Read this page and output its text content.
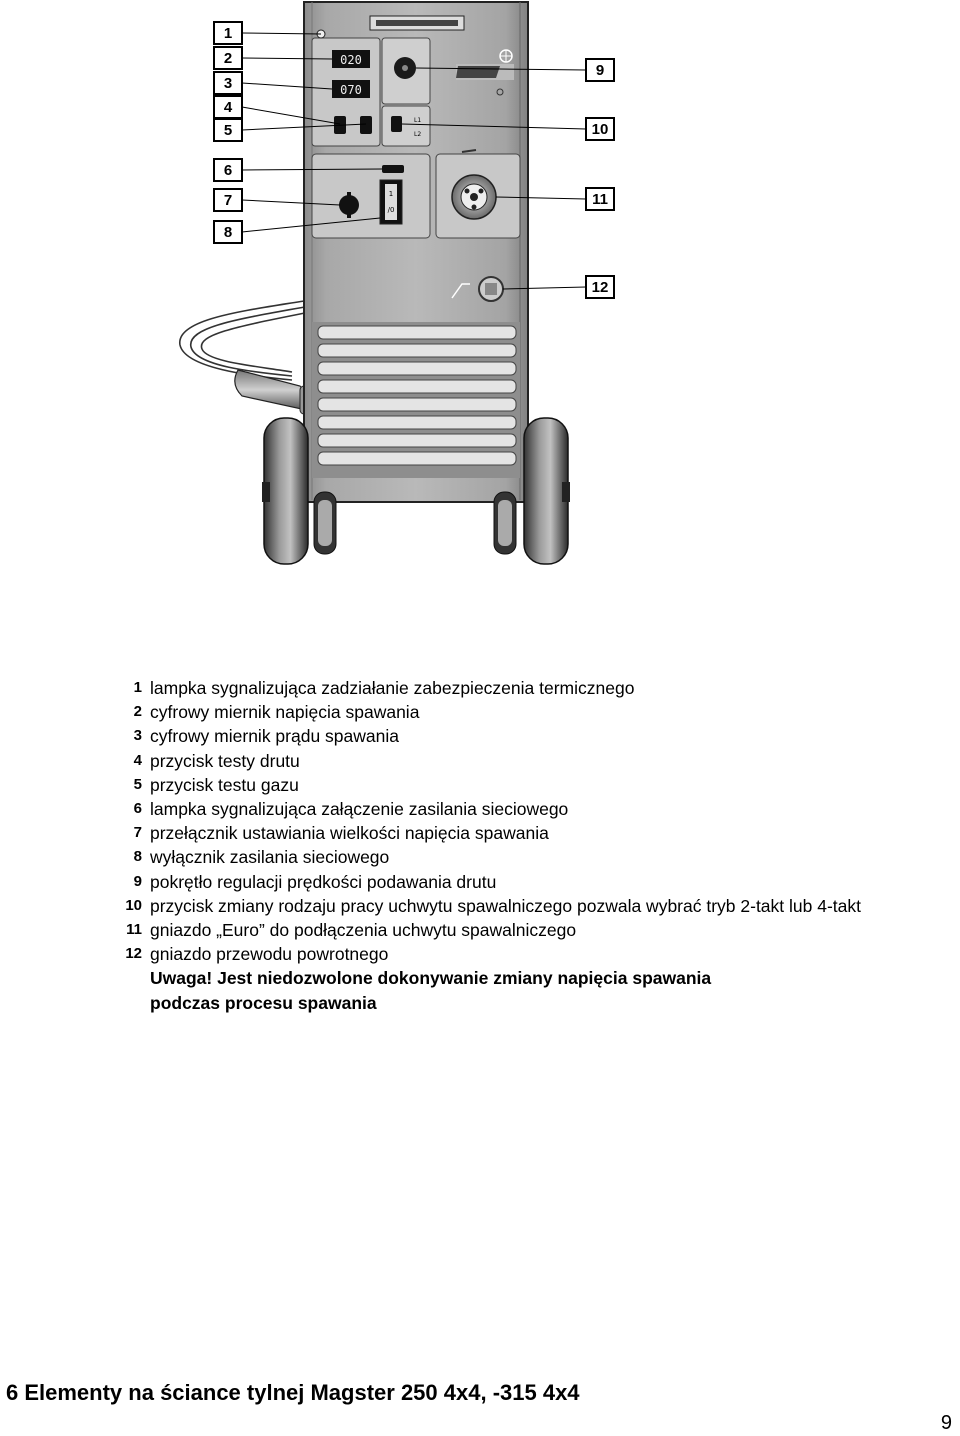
020
070
L1
L2
1
/0
1
2
3
4
5
6
7
8
9
10
11
12
1 lampka sygnalizująca zadziałanie zabezpieczenia termicznego
2 cyfrowy miernik napięcia spawania
3 cyfrowy miernik prądu spawania
4 przycisk testy drutu
5 przycisk testu gazu
6 lampka sygnalizująca załączenie zasilania sieciowego
7 przełącznik ustawiania wielkości napięcia spawania
8 wyłącznik zasilania sieciowego
9 pokrętło regulacji prędkości podawania drutu
10 przycisk zmiany rodzaju pracy uchwytu spawalniczego pozwala wybrać tryb 2-takt lub 4-takt
11 gniazdo „Euro” do podłączenia uchwytu spawalniczego
12 gniazdo przewodu powrotnego
Uwaga! Jest niedozwolone dokonywanie zmiany napięcia spawania
podczas procesu spawania
6 Elementy na ściance tylnej Magster 250 4x4, -315 4x4
9
